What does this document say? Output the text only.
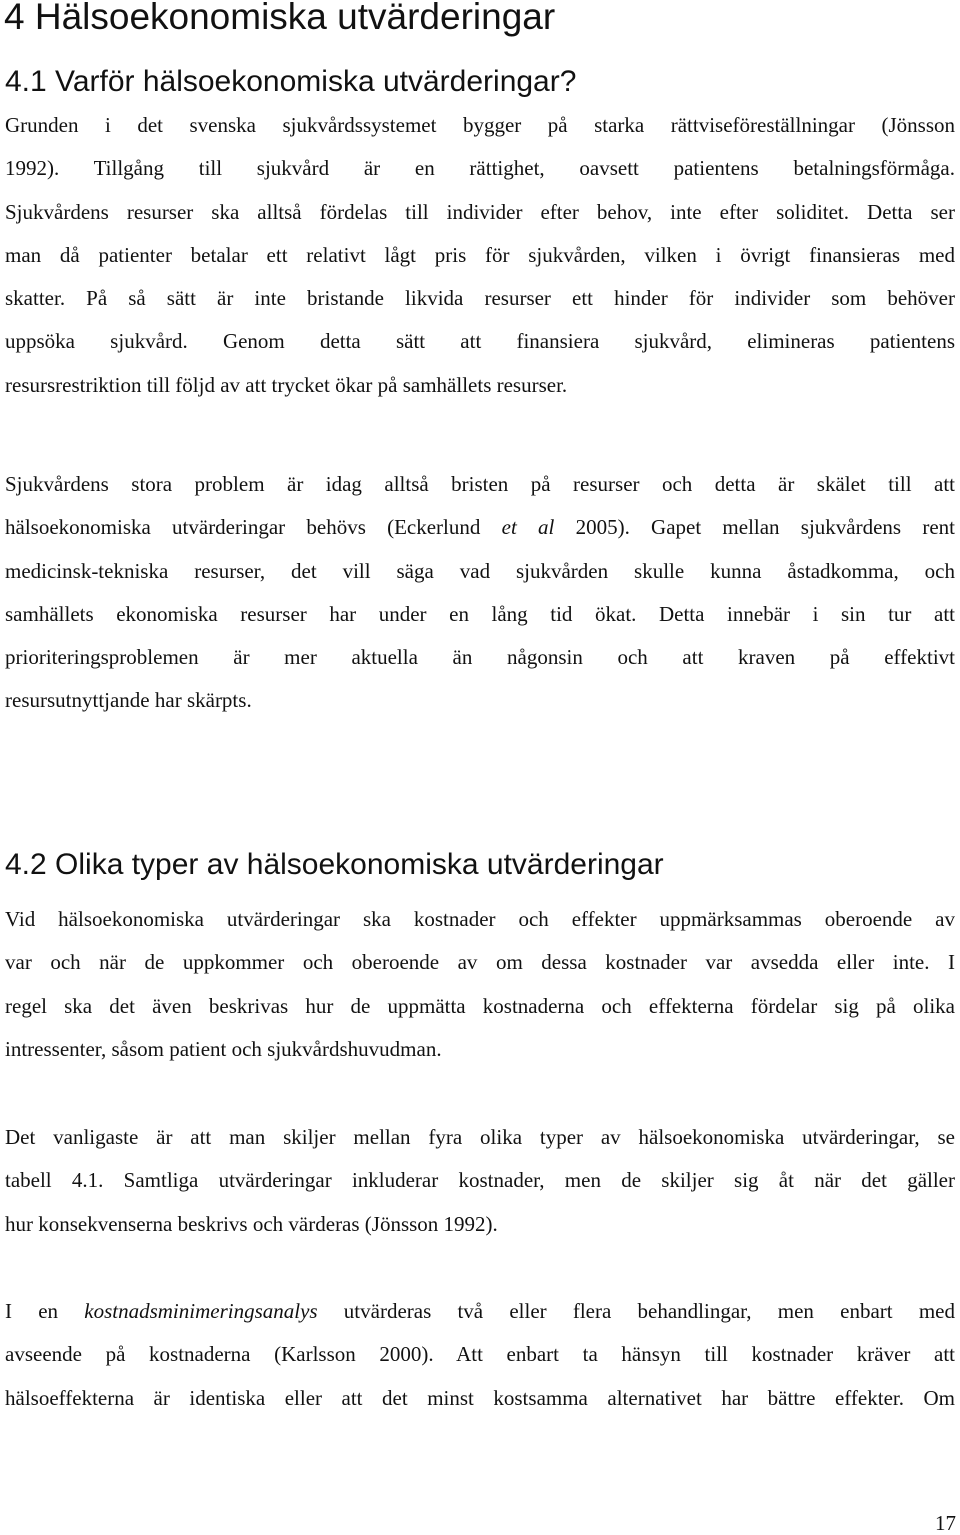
4 Hälsoekonomiska utvärderingar
4.1 Varför hälsoekonomiska utvärderingar?

Grunden i det svenska sjukvårdssystemet bygger på starka rättviseföreställningar (Jönsson
1992). Tillgång till sjukvård är en rättighet, oavsett patientens betalningsförmåga.
Sjukvårdens resurser ska alltså fördelas till individer efter behov, inte efter soliditet. Detta ser
man då patienter betalar ett relativt lågt pris för sjukvården, vilken i övrigt finansieras med
skatter. På så sätt är inte bristande likvida resurser ett hinder för individer som behöver
uppsöka sjukvård. Genom detta sätt att finansiera sjukvård, elimineras patientens
resursrestriktion till följd av att trycket ökar på samhällets resurser.

Sjukvårdens stora problem är idag alltså bristen på resurser och detta är skälet till att
hälsoekonomiska utvärderingar behövs (Eckerlund et al 2005). Gapet mellan sjukvårdens rent
medicinsk-tekniska resurser, det vill säga vad sjukvården skulle kunna åstadkomma, och
samhällets ekonomiska resurser har under en lång tid ökat. Detta innebär i sin tur att
prioriteringsproblemen är mer aktuella än någonsin och att kraven på effektivt
resursutnyttjande har skärpts.

4.2 Olika typer av hälsoekonomiska utvärderingar

Vid hälsoekonomiska utvärderingar ska kostnader och effekter uppmärksammas oberoende av
var och när de uppkommer och oberoende av om dessa kostnader var avsedda eller inte. I
regel ska det även beskrivas hur de uppmätta kostnaderna och effekterna fördelar sig på olika
intressenter, såsom patient och sjukvårdshuvudman.

Det vanligaste är att man skiljer mellan fyra olika typer av hälsoekonomiska utvärderingar, se
tabell 4.1. Samtliga utvärderingar inkluderar kostnader, men de skiljer sig åt när det gäller
hur konsekvenserna beskrivs och värderas (Jönsson 1992).

I en kostnadsminimeringsanalys utvärderas två eller flera behandlingar, men enbart med
avseende på kostnaderna (Karlsson 2000). Att enbart ta hänsyn till kostnader kräver att
hälsoeffekterna är identiska eller att det minst kostsamma alternativet har bättre effekter. Om

17
